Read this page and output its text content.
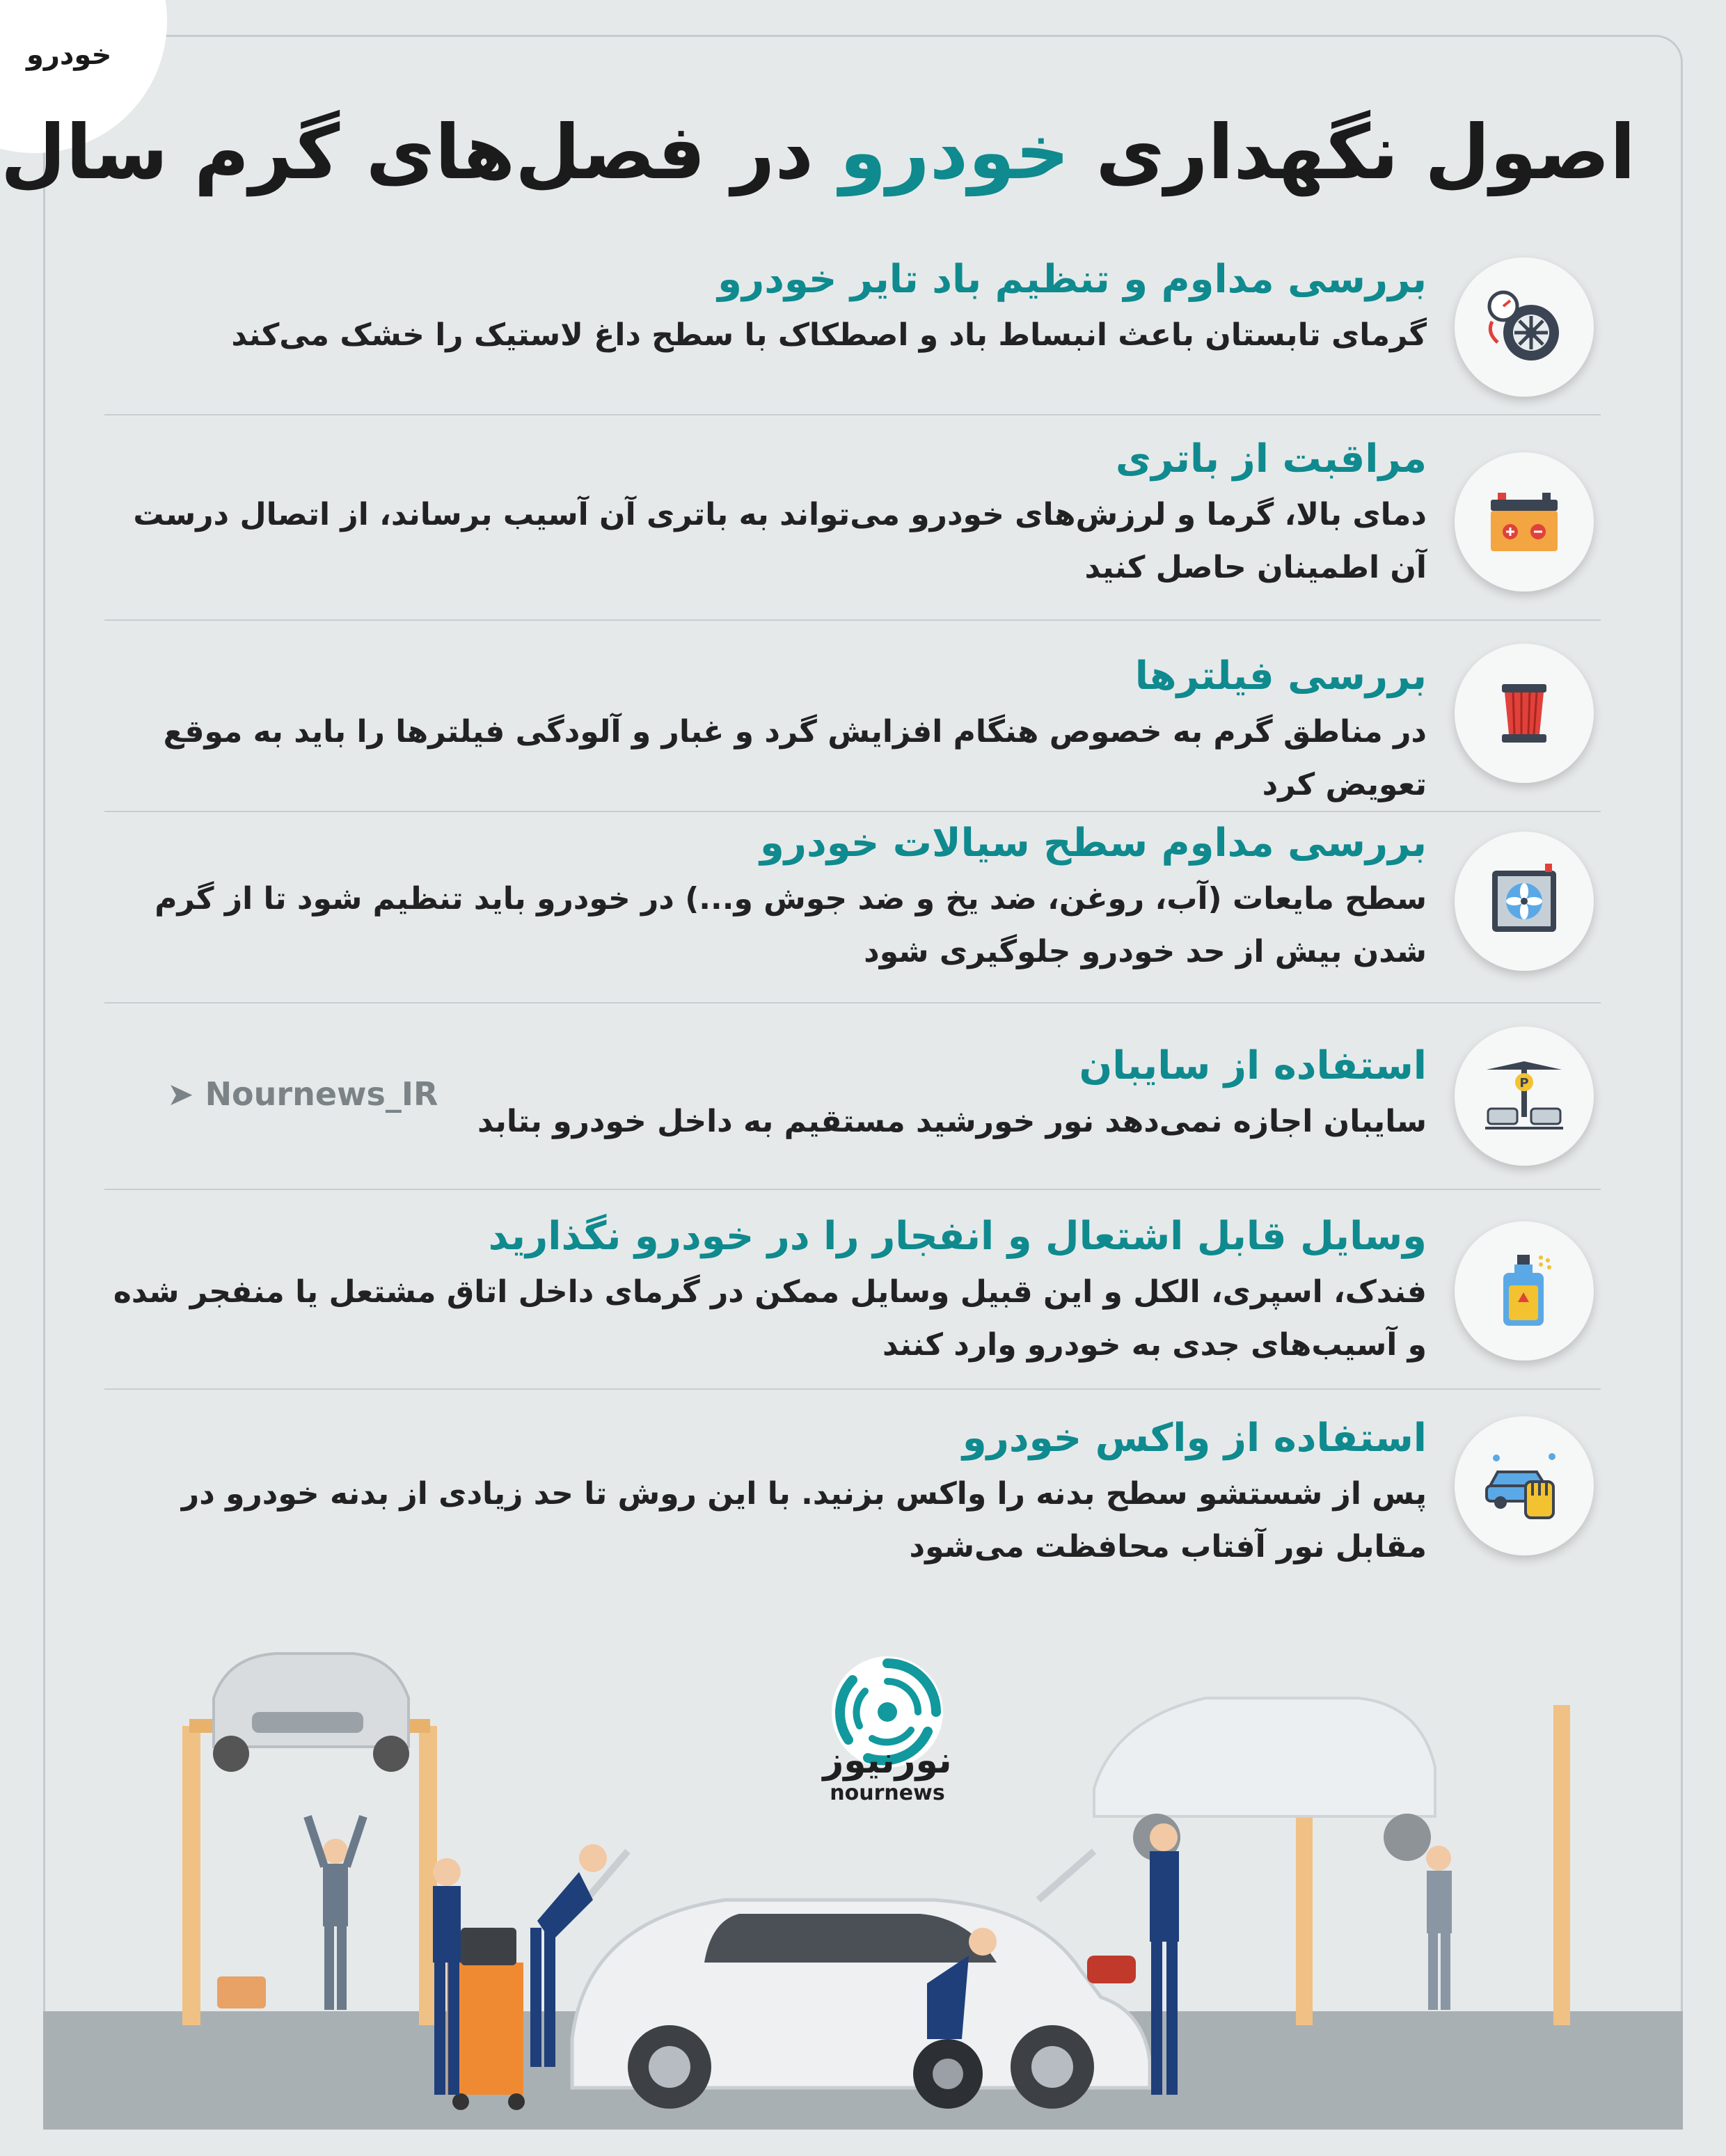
خودرو
اصول نگهداری خودرو در فصل‌های گرم سال
بررسی مداوم و تنظیم باد تایر خودرو

گرمای تابستان باعث انبساط باد و اصطکاک با سطح داغ لاستیک را خشک می‌کند

مراقبت از باتری

دمای بالا، گرما و لرزش‌های خودرو می‌تواند به باتری آن آسیب برساند، از اتصال درست آن اطمینان حاصل کنید

بررسی فیلترها

در مناطق گرم به خصوص هنگام افزایش گرد و غبار و آلودگی فیلترها را باید به موقع تعویض کرد

بررسی مداوم سطح سیالات خودرو

سطح مایعات (آب، روغن، ضد یخ و ضد جوش و...) در خودرو باید تنظیم شود تا از گرم شدن بیش از حد خودرو جلوگیری شود

استفاده از سایبان

سایبان اجازه نمی‌دهد نور خورشید مستقیم به داخل خودرو بتابد

P
➤ Nournews_IR
وسایل قابل اشتعال و انفجار را در خودرو نگذارید

فندک، اسپری، الکل و این قبیل وسایل ممکن در گرمای داخل اتاق مشتعل یا منفجر شده و آسیب‌های جدی به خودرو وارد کنند

استفاده از واکس خودرو

پس از شستشو سطح بدنه را واکس بزنید. با این روش تا حد زیادی از بدنه خودرو در مقابل نور آفتاب محافظت می‌شود

نورنیوز
nournews
